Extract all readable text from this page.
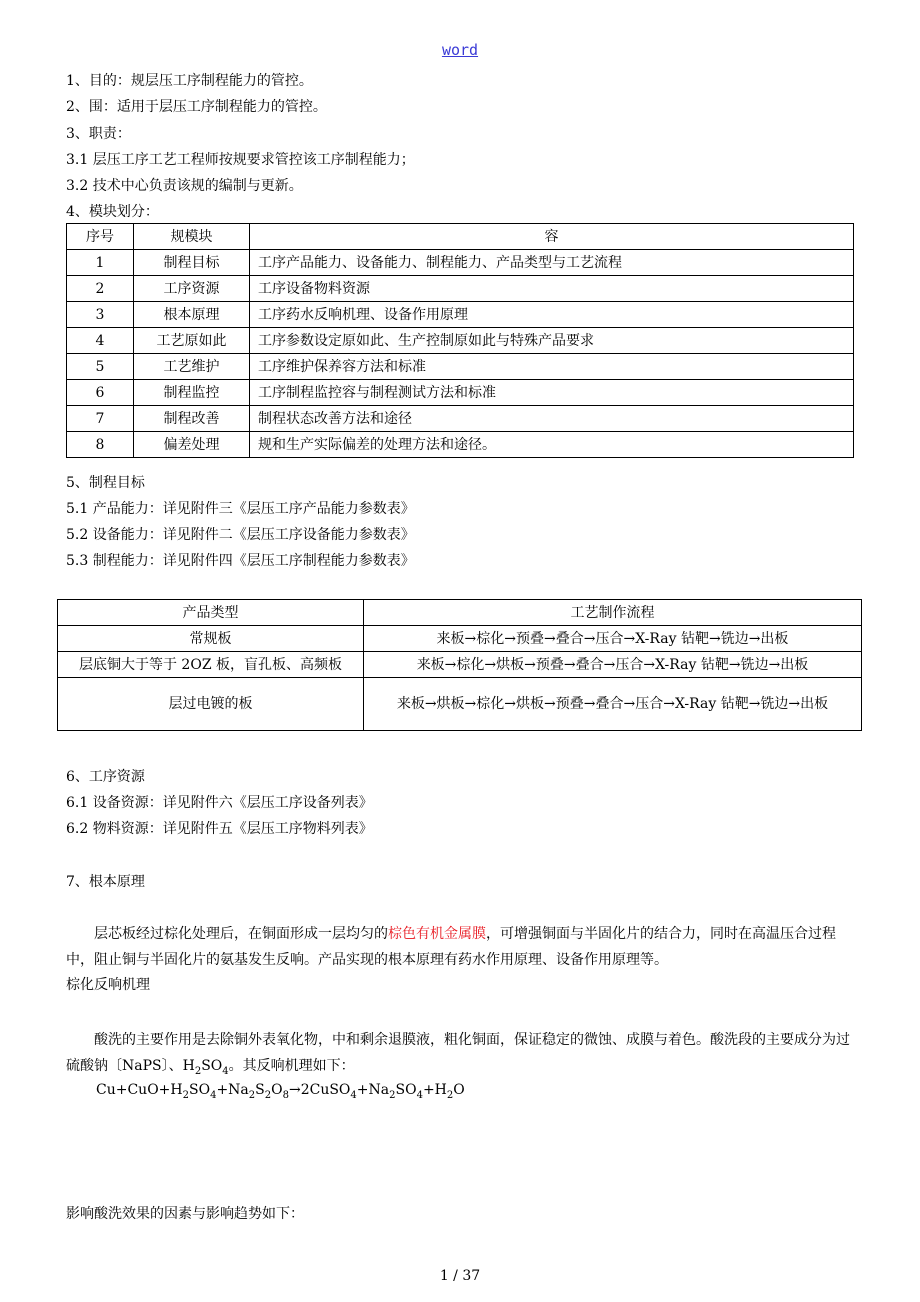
word
1、目的：规层压工序制程能力的管控。
2、围：适用于层压工序制程能力的管控。
3、职责：
3.1 层压工序工艺工程师按规要求管控该工序制程能力；
3.2 技术中心负责该规的编制与更新。
4、模块划分：
序号	规模块	容
1	制程目标	工序产品能力、设备能力、制程能力、产品类型与工艺流程
2	工序资源	工序设备物料资源
3	根本原理	工序药水反响机理、设备作用原理
4	工艺原如此	工序参数设定原如此、生产控制原如此与特殊产品要求
5	工艺维护	工序维护保养容方法和标准
6	制程监控	工序制程监控容与制程测试方法和标准
7	制程改善	制程状态改善方法和途径
8	偏差处理	规和生产实际偏差的处理方法和途径。
5、制程目标
5.1 产品能力：详见附件三《层压工序产品能力参数表》
5.2 设备能力：详见附件二《层压工序设备能力参数表》
5.3 制程能力：详见附件四《层压工序制程能力参数表》
产品类型	工艺制作流程
常规板	来板→棕化→预叠→叠合→压合→X-Ray 钻靶→铣边→出板
层底铜大于等于 2OZ 板，盲孔板、高频板	来板→棕化→烘板→预叠→叠合→压合→X-Ray 钻靶→铣边→出板
层过电镀的板	来板→烘板→棕化→烘板→预叠→叠合→压合→X-Ray 钻靶→铣边→出板
6、工序资源
6.1 设备资源：详见附件六《层压工序设备列表》
6.2 物料资源：详见附件五《层压工序物料列表》
7、根本原理
层芯板经过棕化处理后，在铜面形成一层均匀的棕色有机金属膜，可增强铜面与半固化片的结合力，同时在高温压合过程中，阻止铜与半固化片的氨基发生反响。产品实现的根本原理有药水作用原理、设备作用原理等。
棕化反响机理
酸洗的主要作用是去除铜外表氧化物，中和剩余退膜液，粗化铜面，保证稳定的微蚀、成膜与着色。酸洗段的主要成分为过硫酸钠〔NaPS〕、$H_2SO_4$。其反响机理如下：
$Cu+CuO+H_2SO_4+Na_2S_2O_8\to 2CuSO_4+Na_2SO_4+H_2O$
影响酸洗效果的因素与影响趋势如下：
1 / 37
